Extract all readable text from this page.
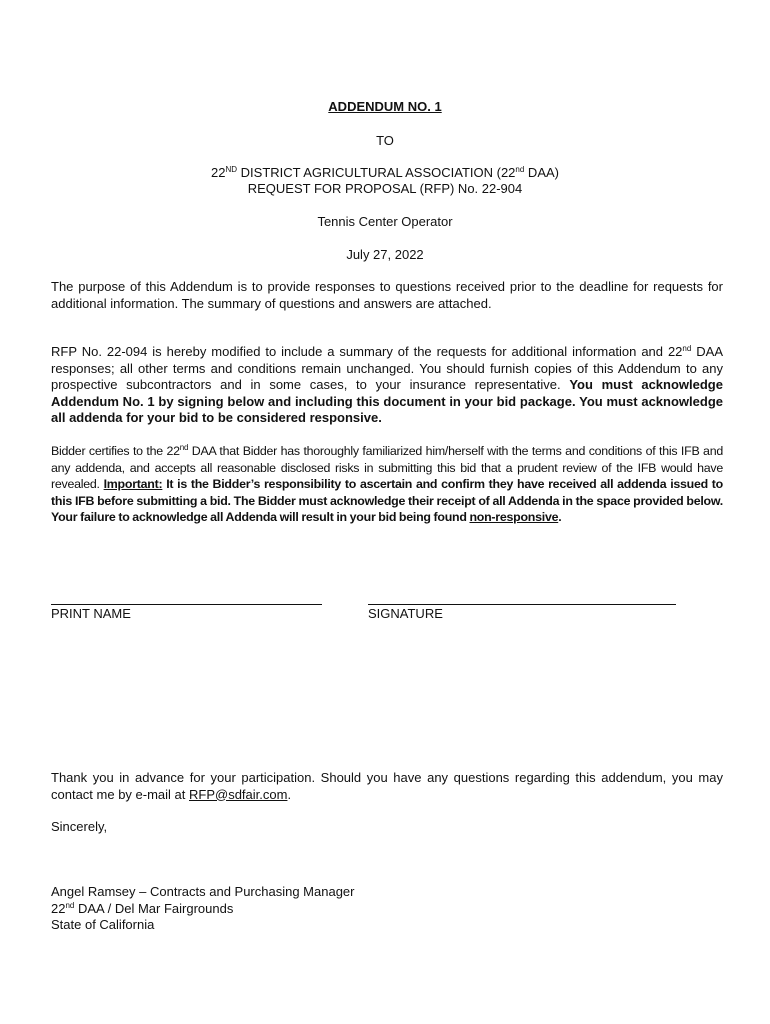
ADDENDUM NO. 1
TO
22ND DISTRICT AGRICULTURAL ASSOCIATION (22nd DAA)
REQUEST FOR PROPOSAL (RFP) No. 22-904
Tennis Center Operator
July 27, 2022
The purpose of this Addendum is to provide responses to questions received prior to the deadline for requests for additional information. The summary of questions and answers are attached.
RFP No. 22-094 is hereby modified to include a summary of the requests for additional information and 22nd DAA responses; all other terms and conditions remain unchanged. You should furnish copies of this Addendum to any prospective subcontractors and in some cases, to your insurance representative. You must acknowledge Addendum No. 1 by signing below and including this document in your bid package. You must acknowledge all addenda for your bid to be considered responsive.
Bidder certifies to the 22nd DAA that Bidder has thoroughly familiarized him/herself with the terms and conditions of this IFB and any addenda, and accepts all reasonable disclosed risks in submitting this bid that a prudent review of the IFB would have revealed. Important: It is the Bidder’s responsibility to ascertain and confirm they have received all addenda issued to this IFB before submitting a bid. The Bidder must acknowledge their receipt of all Addenda in the space provided below. Your failure to acknowledge all Addenda will result in your bid being found non-responsive.
PRINT NAME	SIGNATURE
Thank you in advance for your participation. Should you have any questions regarding this addendum, you may contact me by e-mail at RFP@sdfair.com.
Sincerely,
Angel Ramsey – Contracts and Purchasing Manager
22nd DAA / Del Mar Fairgrounds
State of California
